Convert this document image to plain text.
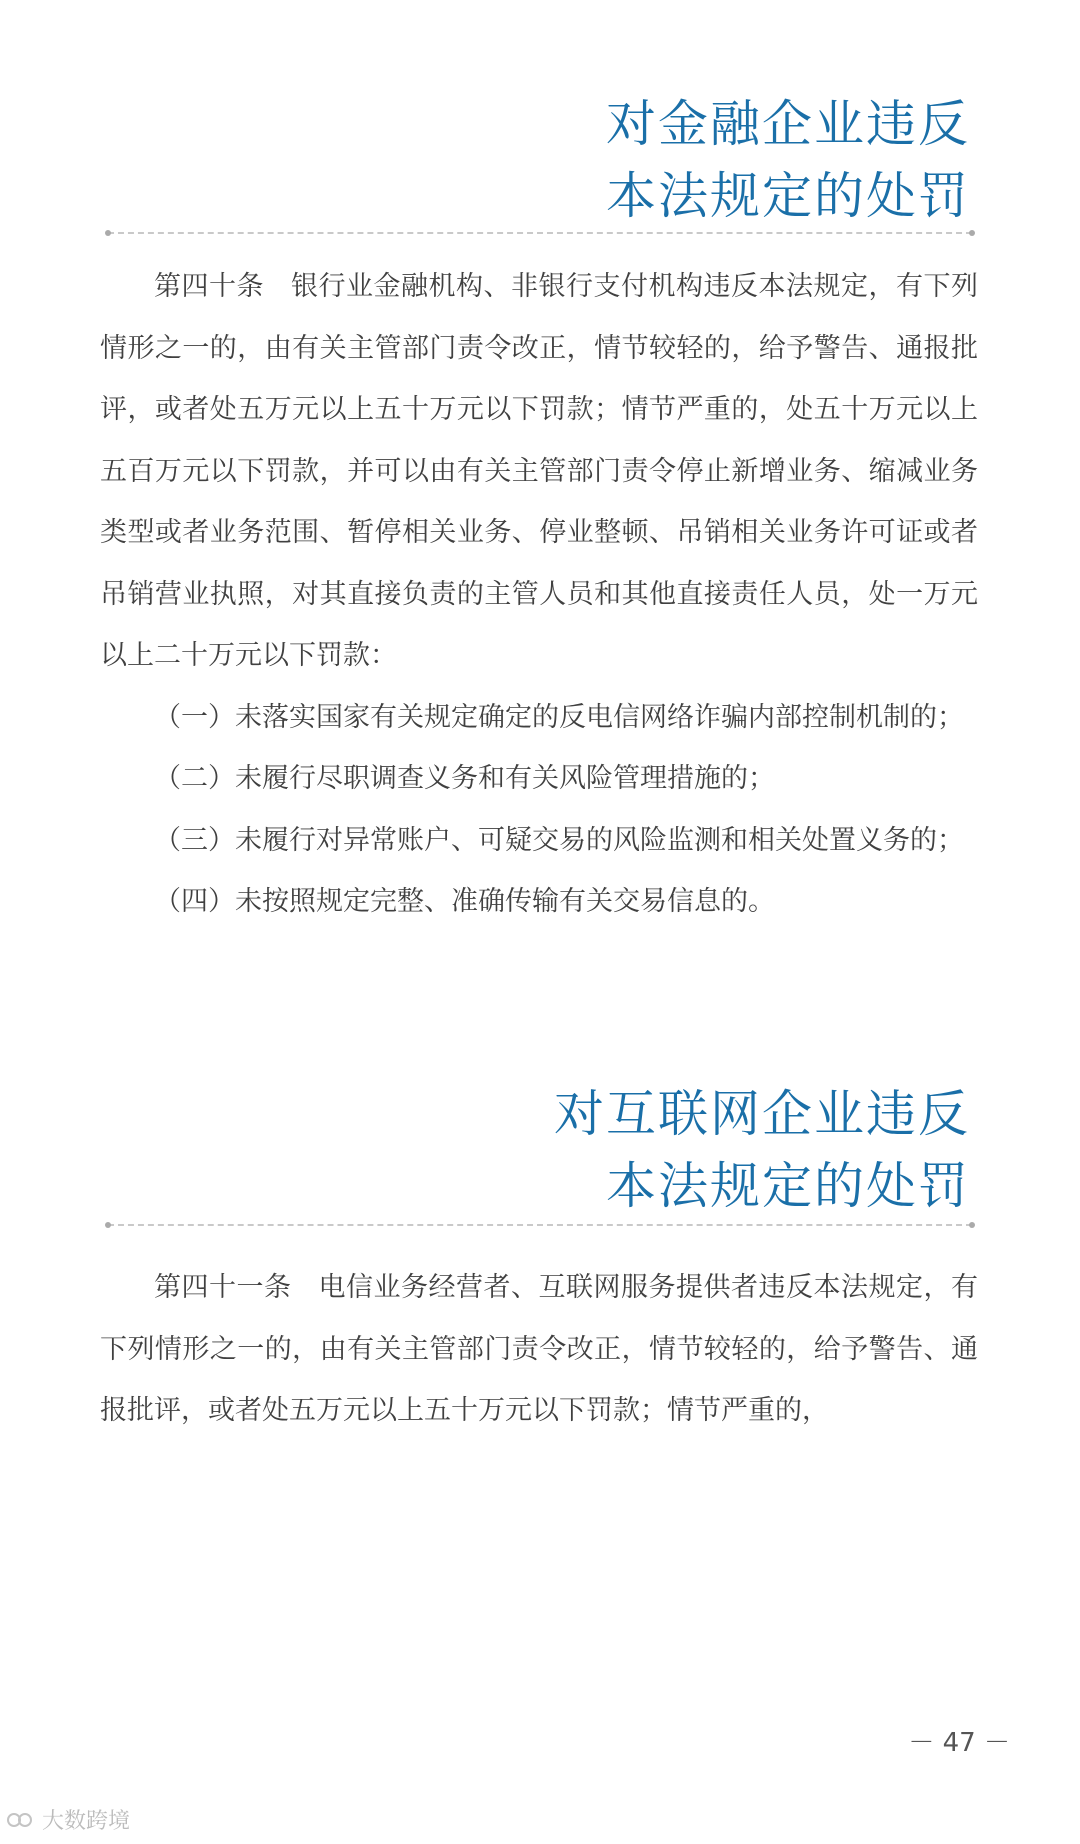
对金融企业违反
本法规定的处罚

第四十条 银行业金融机构、非银行支付机构违反本法规定，有下列情形之一的，由有关主管部门责令改正，情节较轻的，给予警告、通报批评，或者处五万元以上五十万元以下罚款；情节严重的，处五十万元以上五百万元以下罚款，并可以由有关主管部门责令停止新增业务、缩减业务类型或者业务范围、暂停相关业务、停业整顿、吊销相关业务许可证或者吊销营业执照，对其直接负责的主管人员和其他直接责任人员，处一万元以上二十万元以下罚款：

（一）未落实国家有关规定确定的反电信网络诈骗内部控制机制的；

（二）未履行尽职调查义务和有关风险管理措施的；

（三）未履行对异常账户、可疑交易的风险监测和相关处置义务的；

（四）未按照规定完整、准确传输有关交易信息的。

对互联网企业违反
本法规定的处罚

第四十一条 电信业务经营者、互联网服务提供者违反本法规定，有下列情形之一的，由有关主管部门责令改正，情节较轻的，给予警告、通报批评，或者处五万元以上五十万元以下罚款；情节严重的，

－ 47 －
大数跨境
